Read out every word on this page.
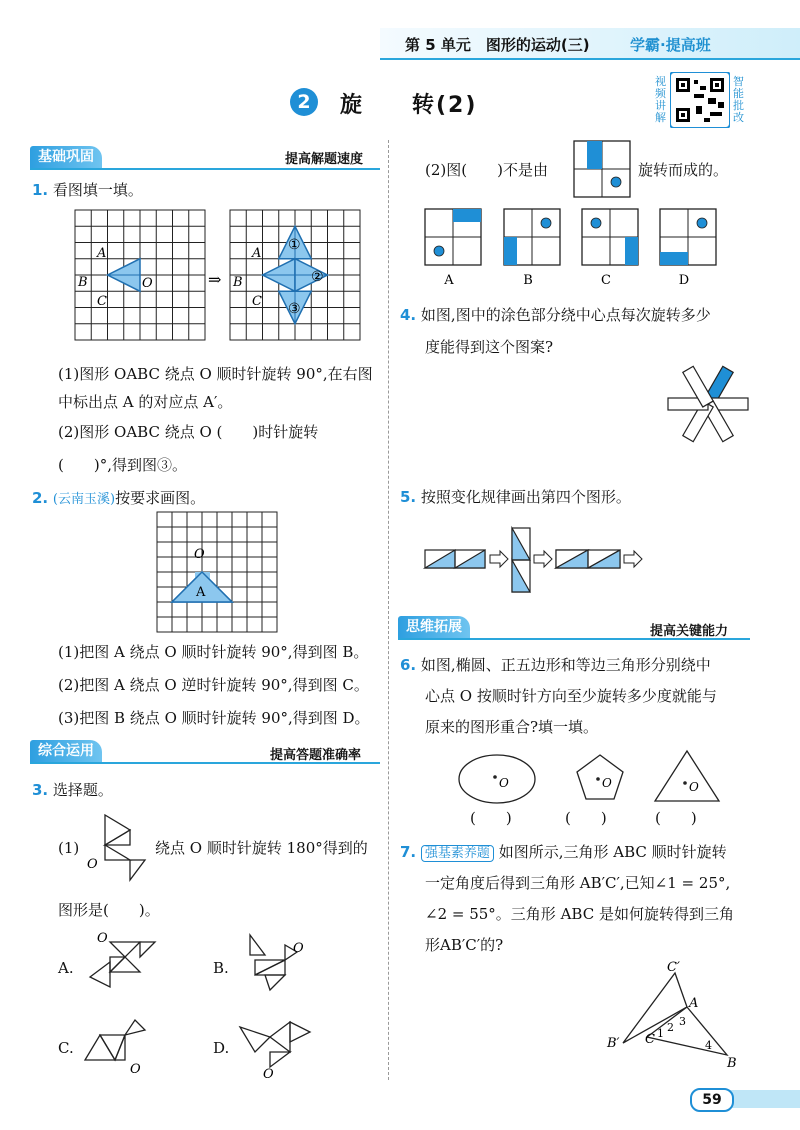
第 5 单元　图形的运动(三)	学霸·提高班
2	旋　　转(2)
视频讲解
智能批改
基础巩固	提高解题速度
1. 看图填一填。
A
B
C
O	⇒
A
B
C
①
②
③
(1)图形 OABC 绕点 O 顺时针旋转 90°,在右图中标出点 A 的对应点 A′。
(2)图形 OABC 绕点 O (　　)时针旋转
(　　)°,得到图③。
2. (云南玉溪)按要求画图。
O
A
(1)把图 A 绕点 O 顺时针旋转 90°,得到图 B。
(2)把图 A 绕点 O 逆时针旋转 90°,得到图 C。
(3)把图 B 绕点 O 顺时针旋转 90°,得到图 D。
综合运用	提高答题准确率
3. 选择题。
(1)
O
绕点 O 顺时针旋转 180°得到的
图形是(　　)。
A.
O
B.
O
C.
O
D.
O
(2)图(　　)不是由	旋转而成的。
A	B	C	D
4. 如图,图中的涂色部分绕中心点每次旋转多少
度能得到这个图案?
5. 按照变化规律画出第四个图形。
思维拓展	提高关键能力
6. 如图,椭圆、正五边形和等边三角形分别绕中
心点 O 按顺时针方向至少旋转多少度就能与
原来的图形重合?填一填。
O	O	O
(　　)	(　　)	(　　)
7. 强基素养题 如图所示,三角形 ABC 顺时针旋转
一定角度后得到三角形 AB′C′,已知∠1 = 25°,
∠2 = 55°。三角形 ABC 是如何旋转得到三角
形AB′C′的?
C′
A
B′ C
B
1 2 3
4
59
